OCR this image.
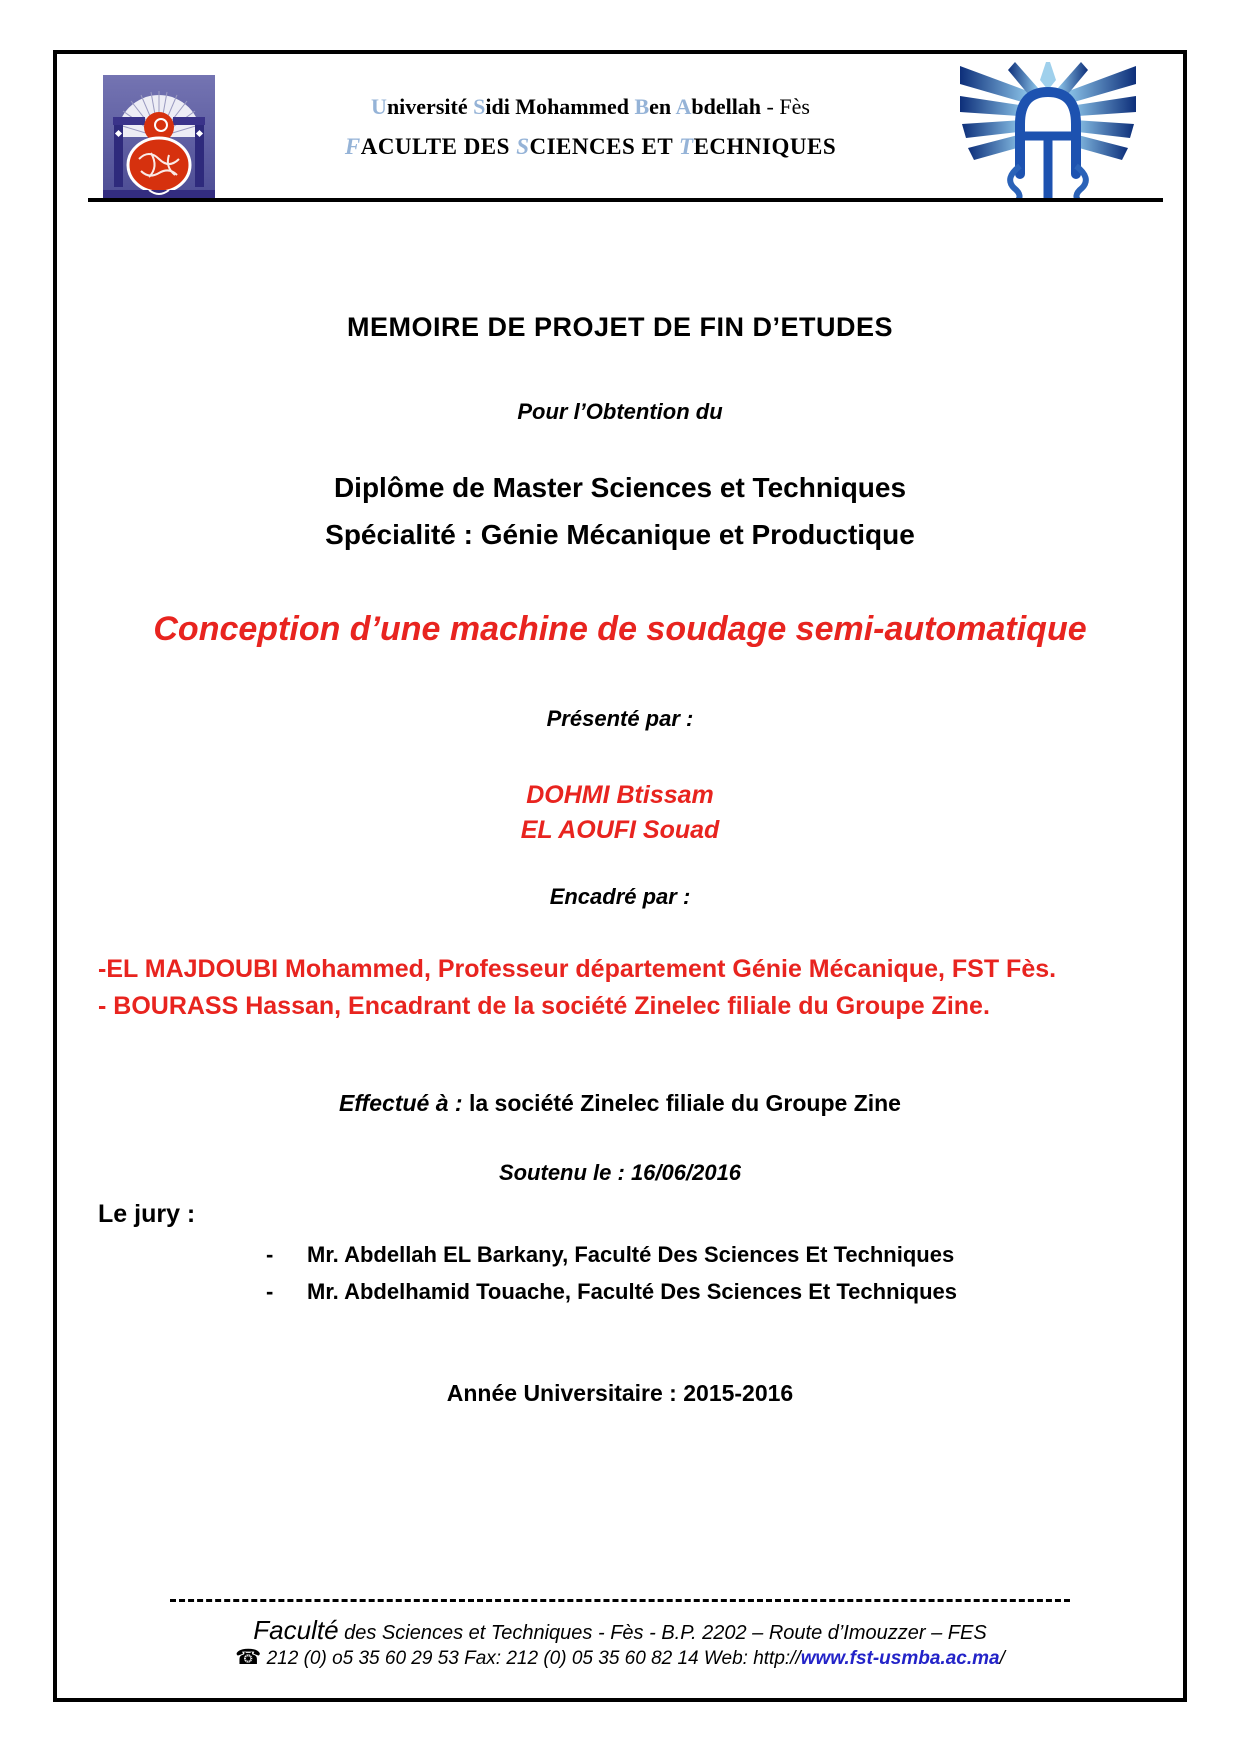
Université Sidi Mohammed Ben Abdellah - Fès
FACULTE DES SCIENCES ET TECHNIQUES
MEMOIRE DE PROJET DE FIN D’ETUDES
Pour l’Obtention du
Diplôme de Master Sciences et Techniques
Spécialité : Génie Mécanique et Productique
Conception d’une machine de soudage semi-automatique
Présenté par :
DOHMI Btissam
EL AOUFI Souad
Encadré par :
-EL MAJDOUBI Mohammed, Professeur département Génie Mécanique, FST Fès.
- BOURASS Hassan, Encadrant de la société Zinelec filiale du Groupe Zine.
Effectué à : la société Zinelec filiale du Groupe Zine
Soutenu le : 16/06/2016
Le jury :
- Mr. Abdellah EL Barkany, Faculté Des Sciences Et Techniques
- Mr. Abdelhamid Touache, Faculté Des Sciences Et Techniques
Année Universitaire : 2015-2016
Faculté des Sciences et Techniques - Fès - B.P. 2202 – Route d’Imouzzer – FES
☎ 212 (0) o5 35 60 29 53 Fax: 212 (0) 05 35 60 82 14 Web: http://www.fst-usmba.ac.ma/
